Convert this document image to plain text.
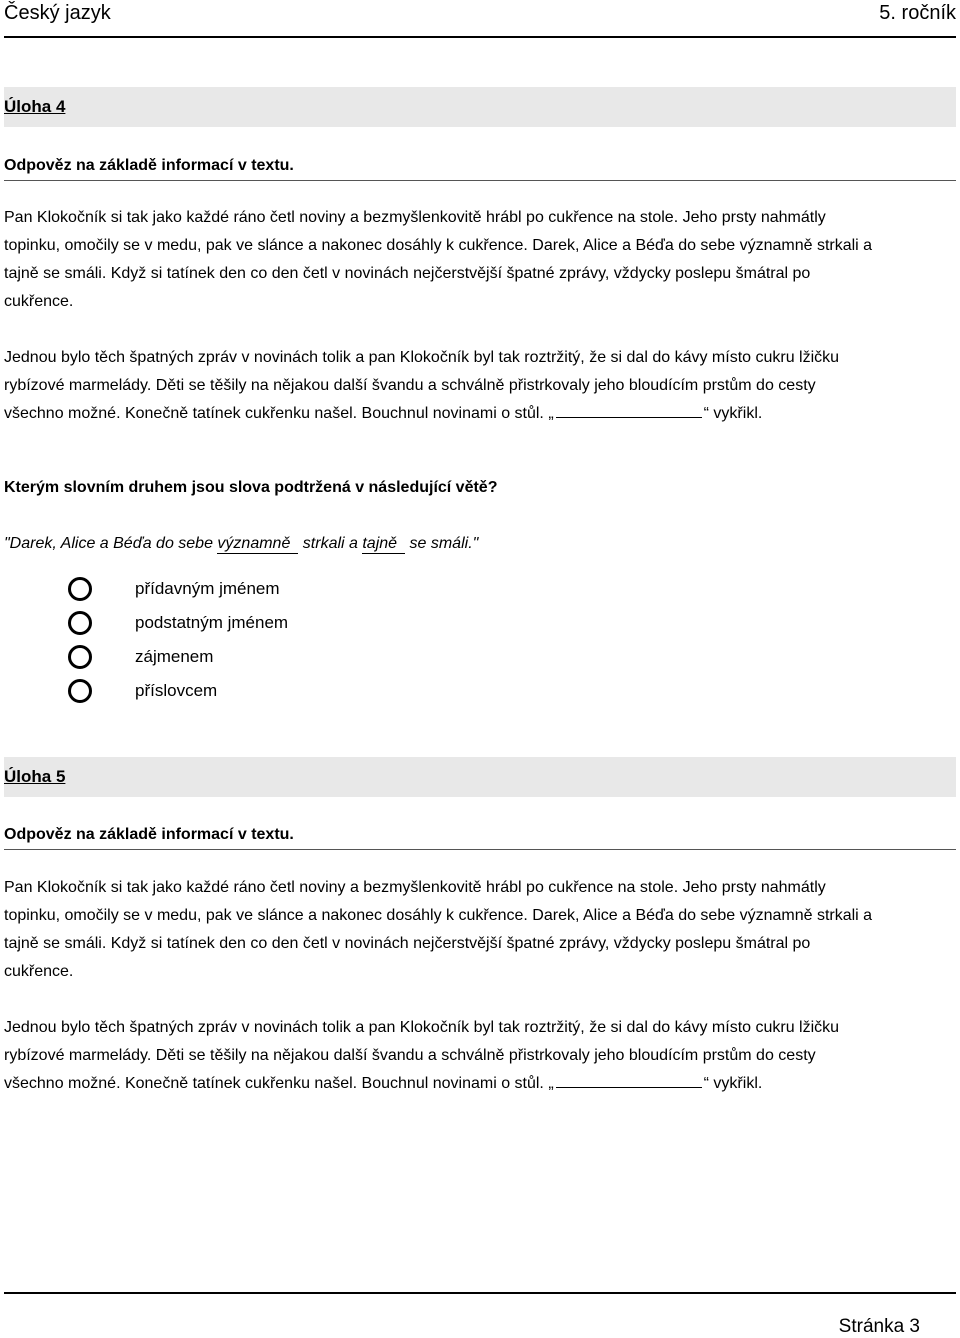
Český jazyk	5. ročník
Úloha 4
Odpověz na základě informací v textu.
Pan Klokočník si tak jako každé ráno četl noviny a bezmyšlenkovitě hrábl po cukřence na stole. Jeho prsty nahmátly
topinku, omočily se v medu, pak ve slánce a nakonec dosáhly k cukřence. Darek, Alice a Béďa do sebe významně strkali a
tajně se smáli. Když si tatínek den co den četl v novinách nejčerstvější špatné zprávy, vždycky poslepu šmátral po
cukřence.
Jednou bylo těch špatných zpráv v novinách tolik a pan Klokočník byl tak roztržitý, že si dal do kávy místo cukru lžičku
rybízové marmelády. Děti se těšily na nějakou další švandu a schválně přistrkovaly jeho bloudícím prstům do cesty
všechno možné. Konečně tatínek cukřenku našel. Bouchnul novinami o stůl. „	“ vykřikl.
Kterým slovním druhem jsou slova podtržená v následující větě?
"Darek, Alice a Béďa do sebe významně strkali a tajně se smáli."
přídavným jménem
podstatným jménem
zájmenem
příslovcem
Úloha 5
Odpověz na základě informací v textu.
Pan Klokočník si tak jako každé ráno četl noviny a bezmyšlenkovitě hrábl po cukřence na stole. Jeho prsty nahmátly
topinku, omočily se v medu, pak ve slánce a nakonec dosáhly k cukřence. Darek, Alice a Béďa do sebe významně strkali a
tajně se smáli. Když si tatínek den co den četl v novinách nejčerstvější špatné zprávy, vždycky poslepu šmátral po
cukřence.
Jednou bylo těch špatných zpráv v novinách tolik a pan Klokočník byl tak roztržitý, že si dal do kávy místo cukru lžičku
rybízové marmelády. Děti se těšily na nějakou další švandu a schválně přistrkovaly jeho bloudícím prstům do cesty
všechno možné. Konečně tatínek cukřenku našel. Bouchnul novinami o stůl. „	“ vykřikl.
Stránka 3
